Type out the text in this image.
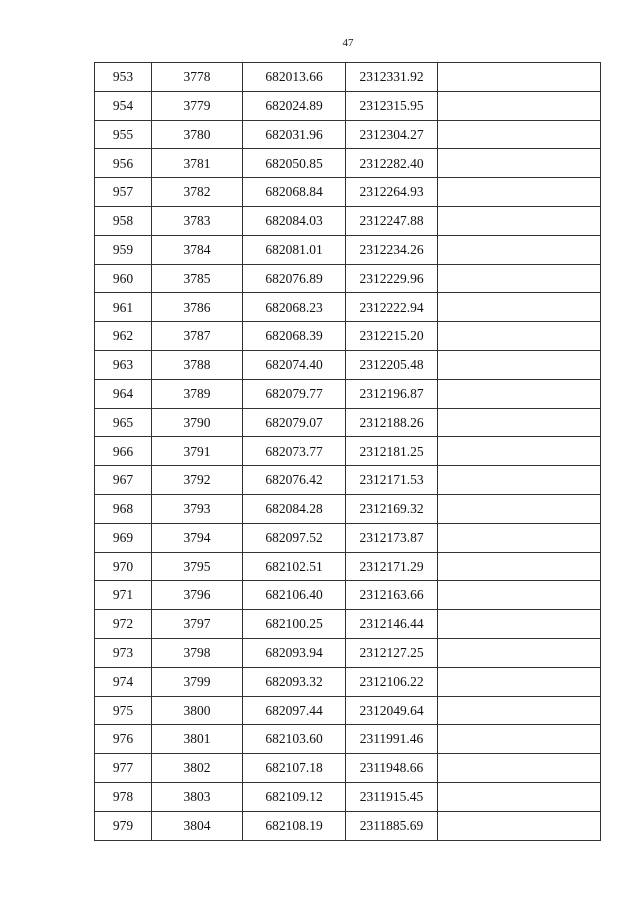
47
953	3778	682013.66	2312331.92	
954	3779	682024.89	2312315.95	
955	3780	682031.96	2312304.27	
956	3781	682050.85	2312282.40	
957	3782	682068.84	2312264.93	
958	3783	682084.03	2312247.88	
959	3784	682081.01	2312234.26	
960	3785	682076.89	2312229.96	
961	3786	682068.23	2312222.94	
962	3787	682068.39	2312215.20	
963	3788	682074.40	2312205.48	
964	3789	682079.77	2312196.87	
965	3790	682079.07	2312188.26	
966	3791	682073.77	2312181.25	
967	3792	682076.42	2312171.53	
968	3793	682084.28	2312169.32	
969	3794	682097.52	2312173.87	
970	3795	682102.51	2312171.29	
971	3796	682106.40	2312163.66	
972	3797	682100.25	2312146.44	
973	3798	682093.94	2312127.25	
974	3799	682093.32	2312106.22	
975	3800	682097.44	2312049.64	
976	3801	682103.60	2311991.46	
977	3802	682107.18	2311948.66	
978	3803	682109.12	2311915.45	
979	3804	682108.19	2311885.69	
